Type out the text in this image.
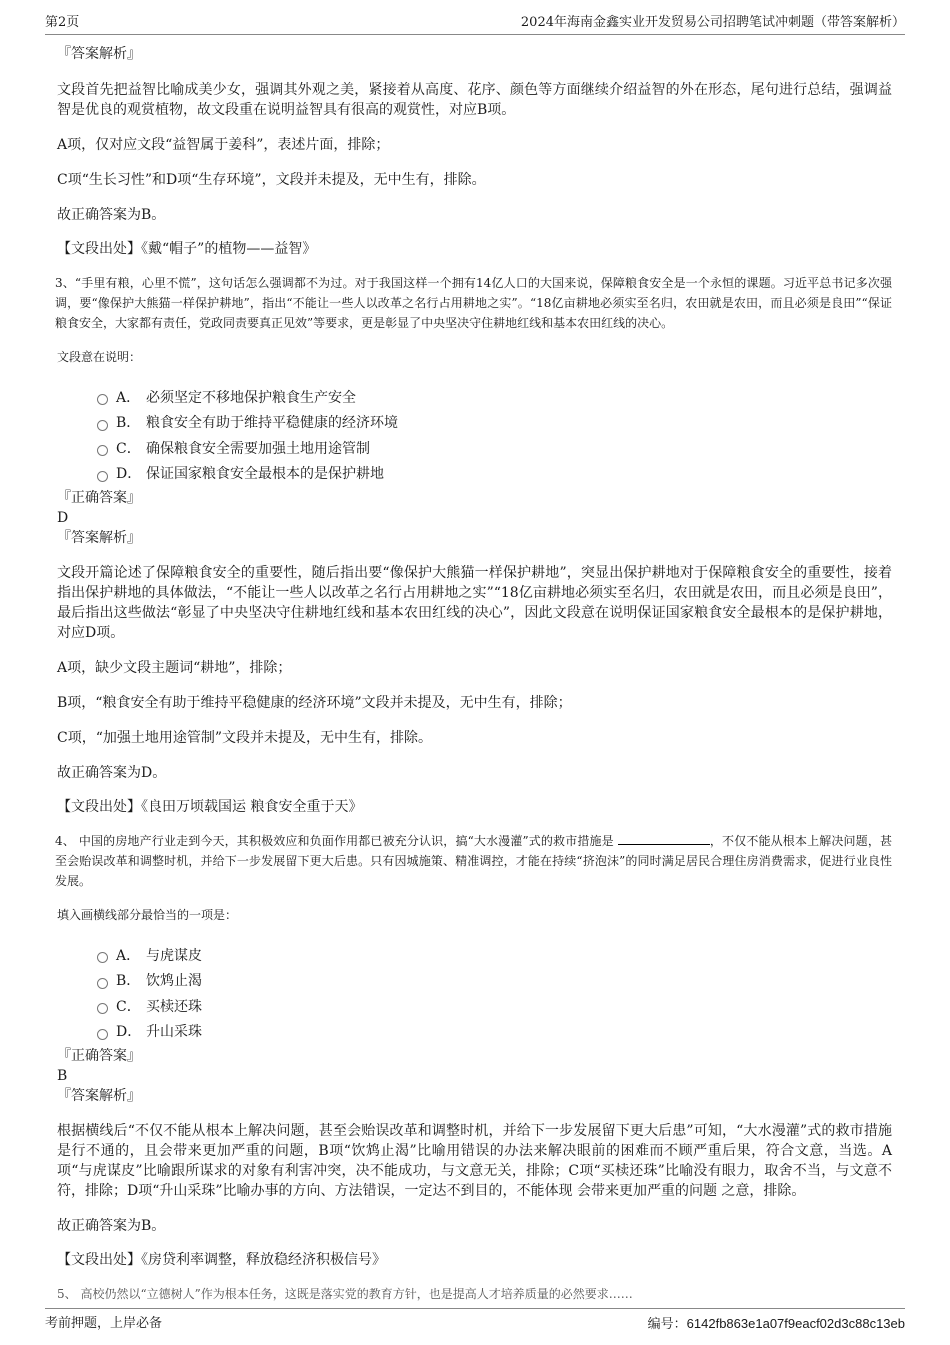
第2页	2024年海南金鑫实业开发贸易公司招聘笔试冲刺题（带答案解析）

『答案解析』

文段首先把益智比喻成美少女，强调其外观之美，紧接着从高度、花序、颜色等方面继续介绍益智的外在形态，尾句进行总结，强调益智是优良的观赏植物，故文段重在说明益智具有很高的观赏性，对应B项。

A项，仅对应文段“益智属于姜科”，表述片面，排除；

C项“生长习性”和D项“生存环境”，文段并未提及，无中生有，排除。

故正确答案为B。

【文段出处】《戴“帽子”的植物——益智》

3、“手里有粮，心里不慌”，这句话怎么强调都不为过。对于我国这样一个拥有14亿人口的大国来说，保障粮食安全是一个永恒的课题。习近平总书记多次强调，要“像保护大熊猫一样保护耕地”，指出“不能让一些人以改革之名行占用耕地之实”。“18亿亩耕地必须实至名归，农田就是农田，而且必须是良田”“保证粮食安全，大家都有责任，党政同责要真正见效”等要求，更是彰显了中央坚决守住耕地红线和基本农田红线的决心。

文段意在说明：

A． 必须坚定不移地保护粮食生产安全
B． 粮食安全有助于维持平稳健康的经济环境
C． 确保粮食安全需要加强土地用途管制
D． 保证国家粮食安全最根本的是保护耕地

『正确答案』

D

『答案解析』

文段开篇论述了保障粮食安全的重要性，随后指出要“像保护大熊猫一样保护耕地”，突显出保护耕地对于保障粮食安全的重要性，接着指出保护耕地的具体做法，“不能让一些人以改革之名行占用耕地之实”“18亿亩耕地必须实至名归，农田就是农田，而且必须是良田”，最后指出这些做法“彰显了中央坚决守住耕地红线和基本农田红线的决心”，因此文段意在说明保证国家粮食安全最根本的是保护耕地，对应D项。

A项，缺少文段主题词“耕地”，排除；

B项，“粮食安全有助于维持平稳健康的经济环境”文段并未提及，无中生有，排除；

C项，“加强土地用途管制”文段并未提及，无中生有，排除。

故正确答案为D。

【文段出处】《良田万顷载国运 粮食安全重于天》

4、 中国的房地产行业走到今天，其积极效应和负面作用都已被充分认识，搞“大水漫灌”式的救市措施是	，不仅不能从根本上解决问题，甚至会贻误改革和调整时机，并给下一步发展留下更大后患。只有因城施策、精准调控，才能在持续“挤泡沫”的同时满足居民合理住房消费需求，促进行业良性发展。

填入画横线部分最恰当的一项是：

A． 与虎谋皮
B． 饮鸩止渴
C． 买椟还珠
D． 升山采珠

『正确答案』

B

『答案解析』

根据横线后“不仅不能从根本上解决问题，甚至会贻误改革和调整时机，并给下一步发展留下更大后患”可知，“大水漫灌”式的救市措施是行不通的，且会带来更加严重的问题，B项“饮鸩止渴”比喻用错误的办法来解决眼前的困难而不顾严重后果，符合文意，当选。A项“与虎谋皮”比喻跟所谋求的对象有利害冲突，决不能成功，与文意无关，排除；C项“买椟还珠”比喻没有眼力，取舍不当，与文意不符，排除；D项“升山采珠”比喻办事的方向、方法错误，一定达不到目的，不能体现 会带来更加严重的问题 之意，排除。

故正确答案为B。

【文段出处】《房贷利率调整，释放稳经济积极信号》

5、 高校仍然以“立德树人”作为根本任务，这既是落实党的教育方针，也是提高人才培养质量的必然要求……

考前押题，上岸必备	编号：6142fb863e1a07f9eacf02d3c88c13eb
